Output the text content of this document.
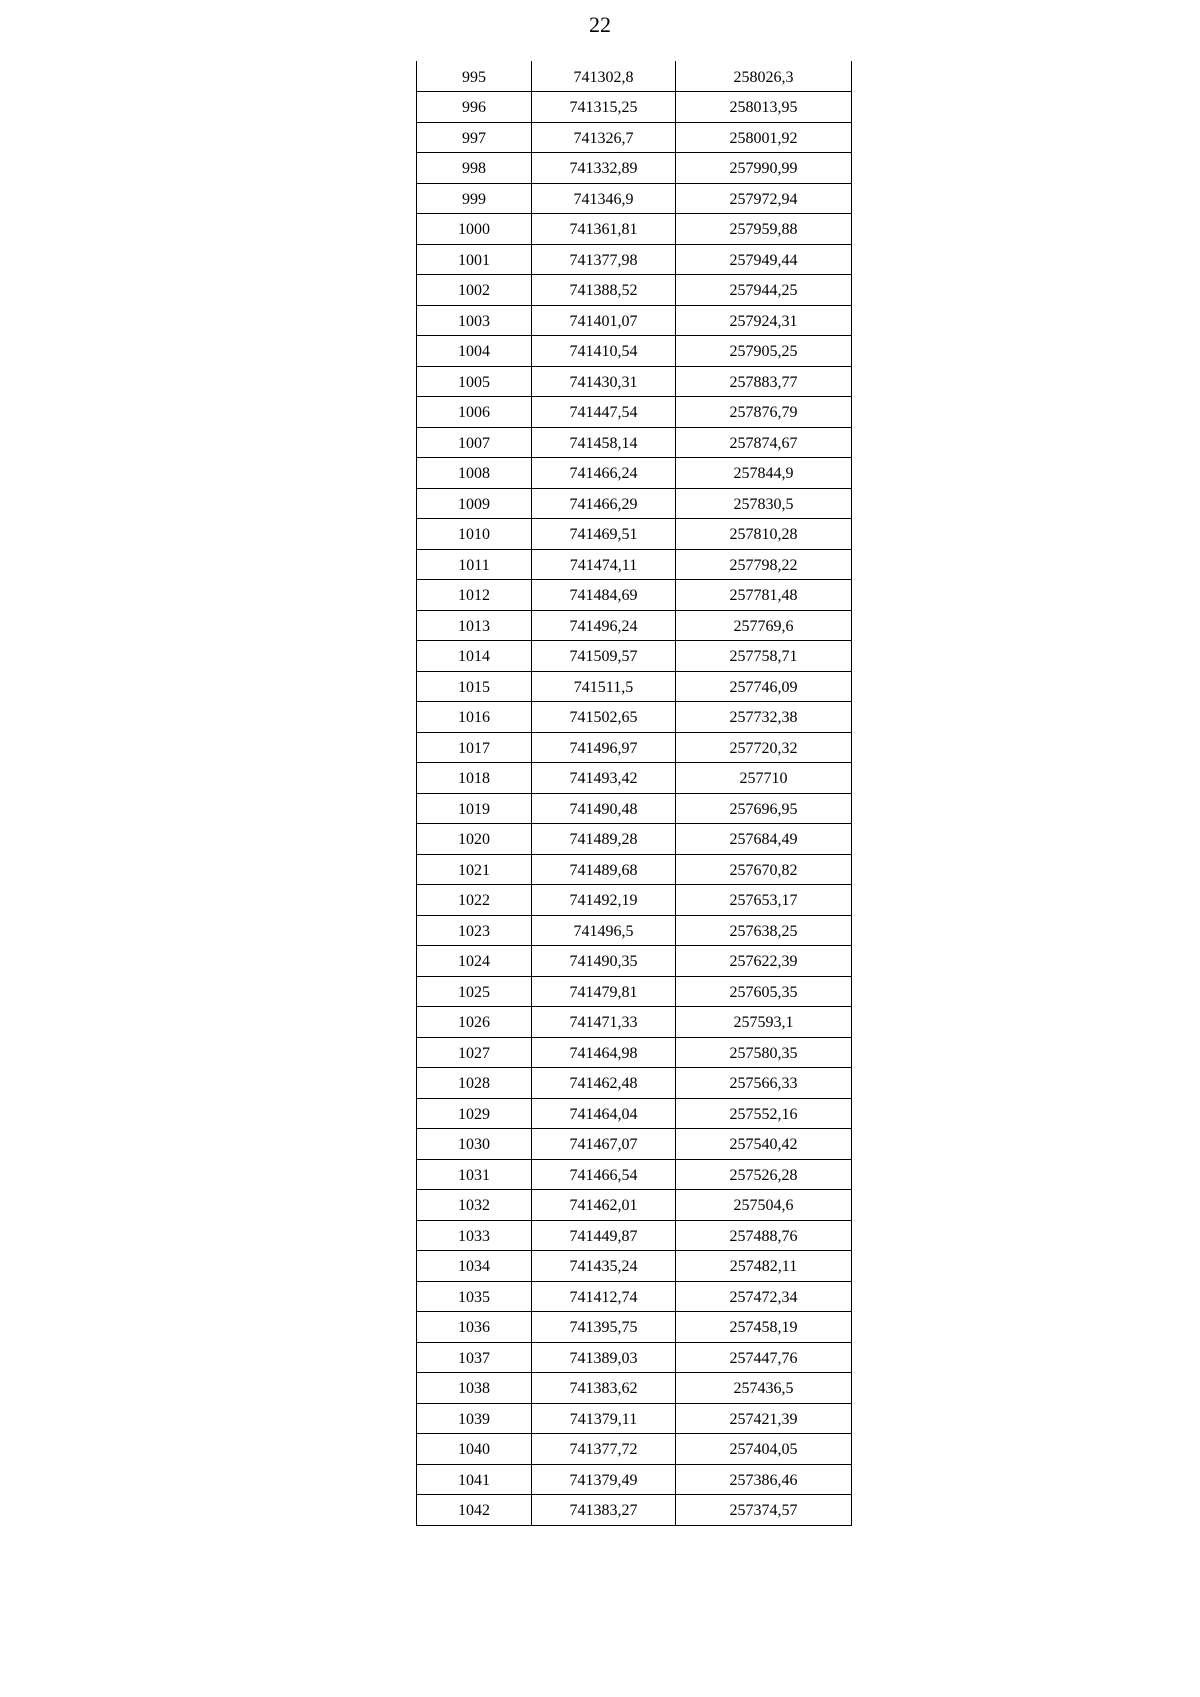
22
995	741302,8	258026,3
996	741315,25	258013,95
997	741326,7	258001,92
998	741332,89	257990,99
999	741346,9	257972,94
1000	741361,81	257959,88
1001	741377,98	257949,44
1002	741388,52	257944,25
1003	741401,07	257924,31
1004	741410,54	257905,25
1005	741430,31	257883,77
1006	741447,54	257876,79
1007	741458,14	257874,67
1008	741466,24	257844,9
1009	741466,29	257830,5
1010	741469,51	257810,28
1011	741474,11	257798,22
1012	741484,69	257781,48
1013	741496,24	257769,6
1014	741509,57	257758,71
1015	741511,5	257746,09
1016	741502,65	257732,38
1017	741496,97	257720,32
1018	741493,42	257710
1019	741490,48	257696,95
1020	741489,28	257684,49
1021	741489,68	257670,82
1022	741492,19	257653,17
1023	741496,5	257638,25
1024	741490,35	257622,39
1025	741479,81	257605,35
1026	741471,33	257593,1
1027	741464,98	257580,35
1028	741462,48	257566,33
1029	741464,04	257552,16
1030	741467,07	257540,42
1031	741466,54	257526,28
1032	741462,01	257504,6
1033	741449,87	257488,76
1034	741435,24	257482,11
1035	741412,74	257472,34
1036	741395,75	257458,19
1037	741389,03	257447,76
1038	741383,62	257436,5
1039	741379,11	257421,39
1040	741377,72	257404,05
1041	741379,49	257386,46
1042	741383,27	257374,57
